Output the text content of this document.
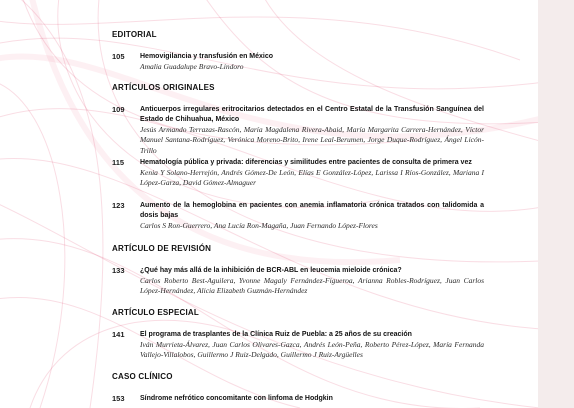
EDITORIAL
105	Hemovigilancia y transfusión en México
Amalia Guadalupe Bravo-Lindoro
ARTÍCULOS ORIGINALES
109	Anticuerpos irregulares eritrocitarios detectados en el Centro Estatal de la Transfusión Sanguínea del Estado de Chihuahua, México
Jesús Armando Terrazas-Rascón, María Magdalena Rivera-Abaid, María Margarita Carrera-Hernández, Víctor Manuel Santana-Rodríguez, Verónica Moreno-Brito, Irene Leal-Berumen, Jorge Duque-Rodríguez, Ángel Licón-Trillo
115	Hematología pública y privada: diferencias y similitudes entre pacientes de consulta de primera vez
Kenia Y Solano-Herrejón, Andrés Gómez-De León, Elías E González-López, Larissa I Ríos-González, Mariana I López-Garza, David Gómez-Almaguer
123	Aumento de la hemoglobina en pacientes con anemia inflamatoria crónica tratados con talidomida a dosis bajas
Carlos S Ron-Guerrero, Ana Lucía Ron-Magaña, Juan Fernando López-Flores
ARTÍCULO DE REVISIÓN
133	¿Qué hay más allá de la inhibición de BCR-ABL en leucemia mieloide crónica?
Carlos Roberto Best-Aguilera, Yvonne Magaly Fernández-Figueroa, Arianna Robles-Rodríguez, Juan Carlos López-Hernández, Alicia Elizabeth Guzmán-Hernández
ARTÍCULO ESPECIAL
141	El programa de trasplantes de la Clínica Ruiz de Puebla: a 25 años de su creación
Iván Murrieta-Álvarez, Juan Carlos Olivares-Gazca, Andrés León-Peña, Roberto Pérez-López, María Fernanda Vallejo-Villalobos, Guillermo J Ruiz-Delgado, Guillermo J Ruiz-Argüelles
CASO CLÍNICO
153	Síndrome nefrótico concomitante con linfoma de Hodgkin
